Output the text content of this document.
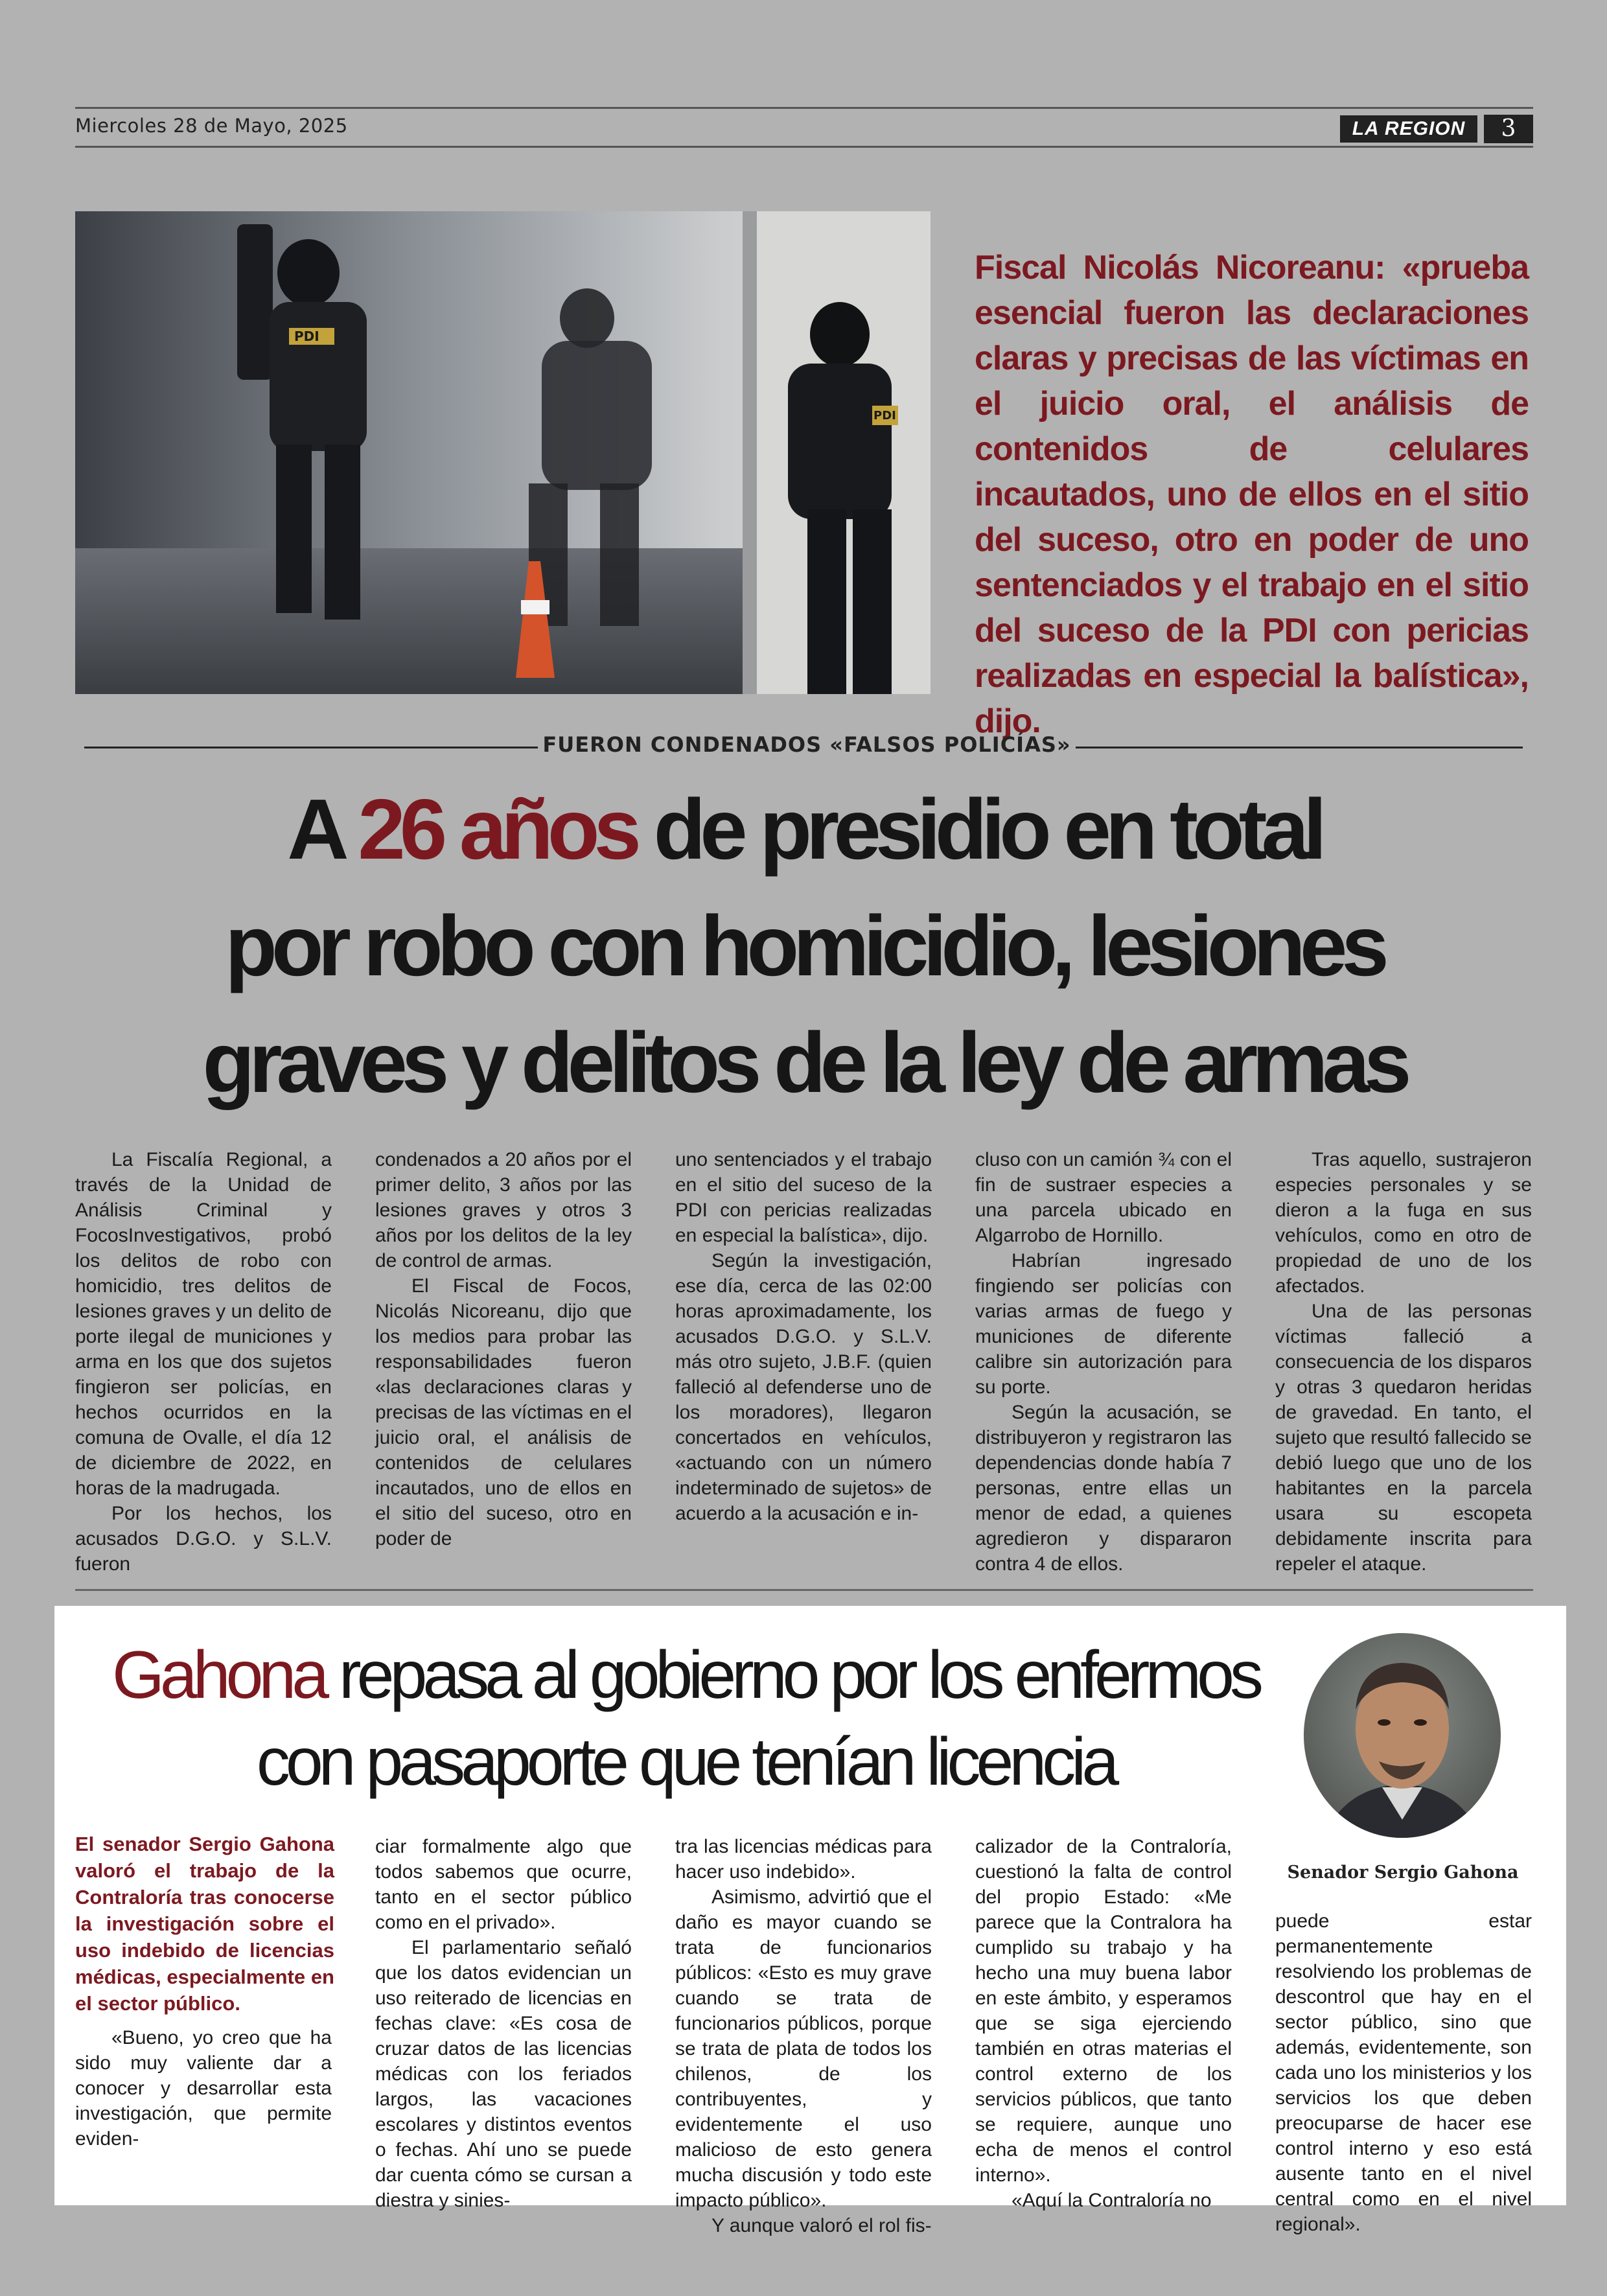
Miercoles 28 de Mayo, 2025	LA REGION	3
PDI
PDI
Fiscal Nicolás Nicoreanu: «prueba esencial fueron las declaraciones claras y precisas de las víctimas en el juicio oral, el análisis de contenidos de celulares incautados, uno de ellos en el sitio del suceso, otro en poder de uno sentenciados y el trabajo en el sitio del suceso de la PDI con pericias realizadas en especial la balística», dijo.
FUERON CONDENADOS «FALSOS POLICÍAS»
A 26 años de presidio en total
por robo con homicidio, lesiones
graves y delitos de la ley de armas

La Fiscalía Regional, a través de la Unidad de Análisis Criminal y FocosInvestigativos, probó los delitos de robo con homicidio, tres delitos de lesiones graves y un delito de porte ilegal de municiones y arma en los que dos sujetos fingieron ser policías, en hechos ocurridos en la comuna de Ovalle, el día 12 de diciembre de 2022, en horas de la madrugada.

Por los hechos, los acusados D.G.O. y S.L.V. fueron

condenados a 20 años por el primer delito, 3 años por las lesiones graves y otros 3 años por los delitos de la ley de control de armas.

El Fiscal de Focos, Nicolás Nicoreanu, dijo que los medios para probar las responsabilidades fueron «las declaraciones claras y precisas de las víctimas en el juicio oral, el análisis de contenidos de celulares incautados, uno de ellos en el sitio del suceso, otro en poder de

uno sentenciados y el trabajo en el sitio del suceso de la PDI con pericias realizadas en especial la balística», dijo.

Según la investigación, ese día, cerca de las 02:00 horas aproximadamente, los acusados D.G.O. y S.L.V. más otro sujeto, J.B.F. (quien falleció al defenderse uno de los moradores), llegaron concertados en vehículos, «actuando con un número indeterminado de sujetos» de acuerdo a la acusación e in-

cluso con un camión ¾ con el fin de sustraer especies a una parcela ubicado en Algarrobo de Hornillo.

Habrían ingresado fingiendo ser policías con varias armas de fuego y municiones de diferente calibre sin autorización para su porte.

Según la acusación, se distribuyeron y registraron las dependencias donde había 7 personas, entre ellas un menor de edad, a quienes agredieron y dispararon contra 4 de ellos.

Tras aquello, sustrajeron especies personales y se dieron a la fuga en sus vehículos, como en otro de propiedad de uno de los afectados.

Una de las personas víctimas falleció a consecuencia de los disparos y otras 3 quedaron heridas de gravedad. En tanto, el sujeto que resultó fallecido se debió luego que uno de los habitantes en la parcela usara su escopeta debidamente inscrita para repeler el ataque.

Gahona repasa al gobierno por los enfermos
con pasaporte que tenían licencia
Senador Sergio Gahona
El senador Sergio Gahona valoró el trabajo de la Contraloría tras conocerse la investigación sobre el uso indebido de licencias médicas, especialmente en el sector público.

«Bueno, yo creo que ha sido muy valiente dar a conocer y desarrollar esta investigación, que permite eviden-

ciar formalmente algo que todos sabemos que ocurre, tanto en el sector público como en el privado».

El parlamentario señaló que los datos evidencian un uso reiterado de licencias en fechas clave: «Es cosa de cruzar datos de las licencias médicas con los feriados largos, las vacaciones escolares y distintos eventos o fechas. Ahí uno se puede dar cuenta cómo se cursan a diestra y sinies-

tra las licencias médicas para hacer uso indebido».

Asimismo, advirtió que el daño es mayor cuando se trata de funcionarios públicos: «Esto es muy grave cuando se trata de funcionarios públicos, porque se trata de plata de todos los chilenos, de los contribuyentes, y evidentemente el uso malicioso de esto genera mucha discusión y todo este impacto público».

Y aunque valoró el rol fis-

calizador de la Contraloría, cuestionó la falta de control del propio Estado: «Me parece que la Contralora ha cumplido su trabajo y ha hecho una muy buena labor en este ámbito, y esperamos que se siga ejerciendo también en otras materias el control externo de los servicios públicos, que tanto se requiere, aunque uno echa de menos el control interno».

«Aquí la Contraloría no

puede estar permanentemente resolviendo los problemas de descontrol que hay en el sector público, sino que además, evidentemente, son cada uno los ministerios y los servicios los que deben preocuparse de hacer ese control interno y eso está ausente tanto en el nivel central como en el nivel regional».
